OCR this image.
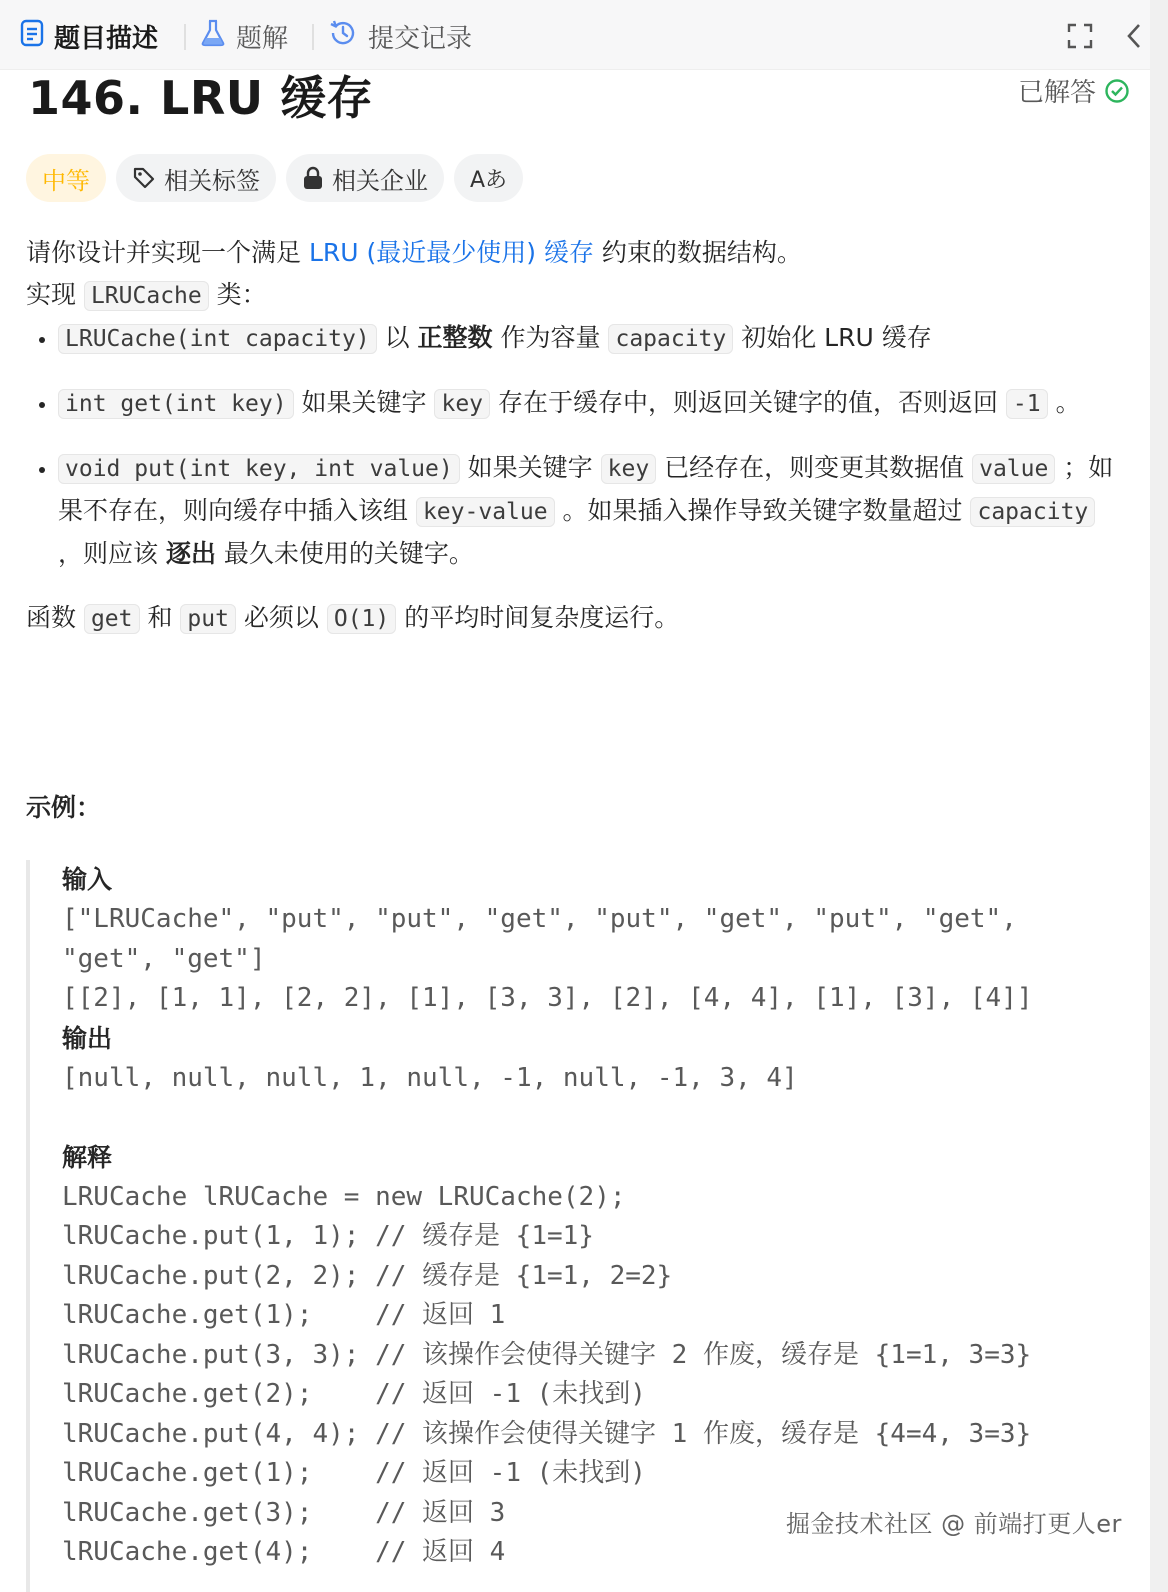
题目描述	题解	提交记录
146. LRU 缓存	已解答
中等	相关标签	相关企业 Aあ

请你设计并实现一个满足 LRU (最近最少使用) 缓存 约束的数据结构。

实现 LRUCache 类：

• LRUCache(int capacity) 以 正整数 作为容量 capacity 初始化 LRU 缓存
• int get(int key) 如果关键字 key 存在于缓存中，则返回关键字的值，否则返回 -1 。
• void put(int key, int value) 如果关键字 key 已经存在，则变更其数据值 value ；如果不存在，则向缓存中插入该组 key-value 。如果插入操作导致关键字数量超过 capacity ，则应该 逐出 最久未使用的关键字。

函数 get 和 put 必须以 O(1) 的平均时间复杂度运行。

示例：

输入

["LRUCache", "put", "put", "get", "put", "get", "put", "get",

"get", "get"]

[[2], [1, 1], [2, 2], [1], [3, 3], [2], [4, 4], [1], [3], [4]]

输出

[null, null, null, 1, null, -1, null, -1, 3, 4]

解释

LRUCache lRUCache = new LRUCache(2);

lRUCache.put(1, 1); // 缓存是 {1=1}

lRUCache.put(2, 2); // 缓存是 {1=1, 2=2}

lRUCache.get(1);    // 返回 1

lRUCache.put(3, 3); // 该操作会使得关键字 2 作废，缓存是 {1=1, 3=3}

lRUCache.get(2);    // 返回 -1 (未找到)

lRUCache.put(4, 4); // 该操作会使得关键字 1 作废，缓存是 {4=4, 3=3}

lRUCache.get(1);    // 返回 -1 (未找到)

lRUCache.get(3);    // 返回 3

lRUCache.get(4);    // 返回 4

掘金技术社区 @ 前端打更人er
